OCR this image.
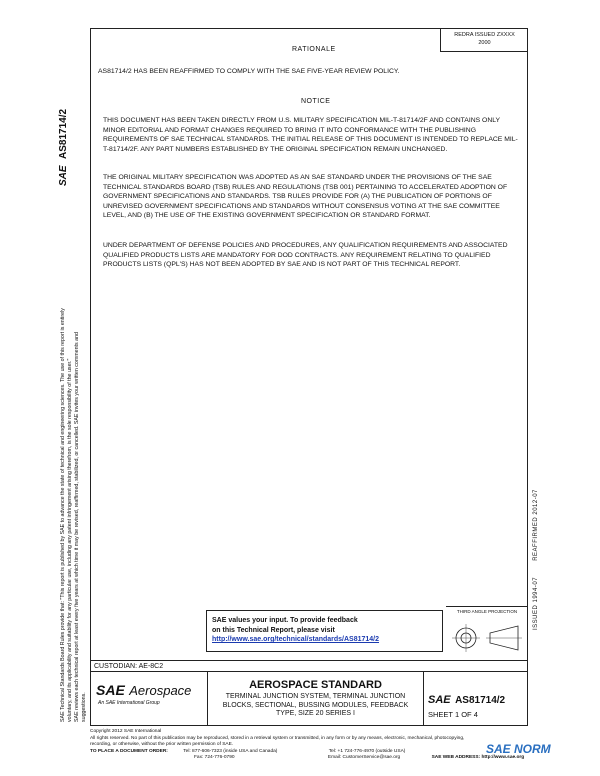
REDRA ISSUED ZXXXX
2000
SAE AS81714/2
SAE Technical Standards Board Rules provide that: "This report is published by SAE to advance the state of technical and engineering sciences. The use of this report is entirely voluntary, and its applicability and suitability for any particular use, including any patent infringement arising therefrom, is the sole responsibility of the user." SAE reviews each technical report at least every five years at which time it may be revised, reaffirmed, stabilized, or cancelled. SAE invites your written comments and suggestions.
ISSUED 1994-07 REAFFIRMED 2012-07
RATIONALE
AS81714/2 HAS BEEN REAFFIRMED TO COMPLY WITH THE SAE FIVE-YEAR REVIEW POLICY.
NOTICE
THIS DOCUMENT HAS BEEN TAKEN DIRECTLY FROM U.S. MILITARY SPECIFICATION MIL-T-81714/2F AND CONTAINS ONLY MINOR EDITORIAL AND FORMAT CHANGES REQUIRED TO BRING IT INTO CONFORMANCE WITH THE PUBLISHING REQUIREMENTS OF SAE TECHNICAL STANDARDS. THE INITIAL RELEASE OF THIS DOCUMENT IS INTENDED TO REPLACE MIL-T-81714/2F. ANY PART NUMBERS ESTABLISHED BY THE ORIGINAL SPECIFICATION REMAIN UNCHANGED.
THE ORIGINAL MILITARY SPECIFICATION WAS ADOPTED AS AN SAE STANDARD UNDER THE PROVISIONS OF THE SAE TECHNICAL STANDARDS BOARD (TSB) RULES AND REGULATIONS (TSB 001) PERTAINING TO ACCELERATED ADOPTION OF GOVERNMENT SPECIFICATIONS AND STANDARDS. TSB RULES PROVIDE FOR (A) THE PUBLICATION OF PORTIONS OF UNREVISED GOVERNMENT SPECIFICATIONS AND STANDARDS WITHOUT CONSENSUS VOTING AT THE SAE COMMITTEE LEVEL, AND (B) THE USE OF THE EXISTING GOVERNMENT SPECIFICATION OR STANDARD FORMAT.
UNDER DEPARTMENT OF DEFENSE POLICIES AND PROCEDURES, ANY QUALIFICATION REQUIREMENTS AND ASSOCIATED QUALIFIED PRODUCTS LISTS ARE MANDATORY FOR DOD CONTRACTS. ANY REQUIREMENT RELATING TO QUALIFIED PRODUCTS LISTS (QPL'S) HAS NOT BEEN ADOPTED BY SAE AND IS NOT PART OF THIS TECHNICAL REPORT.
SAE values your input. To provide feedback
on this Technical Report, please visit
http://www.sae.org/technical/standards/AS81714/2
THIRD ANGLE PROJECTION
CUSTODIAN: AE-8C2
SAE Aerospace
An SAE International Group
AEROSPACE STANDARD
TERMINAL JUNCTION SYSTEM, TERMINAL JUNCTION BLOCKS, SECTIONAL, BUSSING MODULES, FEEDBACK TYPE, SIZE 20 SERIES I
SAE AS81714/2
SHEET 1 OF 4
Copyright 2012 SAE International
All rights reserved. No part of this publication may be reproduced, stored in a retrieval system or transmitted, in any form or by any means, electronic, mechanical, photocopying,
recording, or otherwise, without the prior written permission of SAE.
TO PLACE A DOCUMENT ORDER:	Tel: 877-606-7323 (inside USA and Canada)	Tel: +1 724-776-4970 (outside USA)
Fax: 724-776-0790	Email: CustomerService@sae.org	SAE WEB ADDRESS: http://www.sae.org
SAE NORM
